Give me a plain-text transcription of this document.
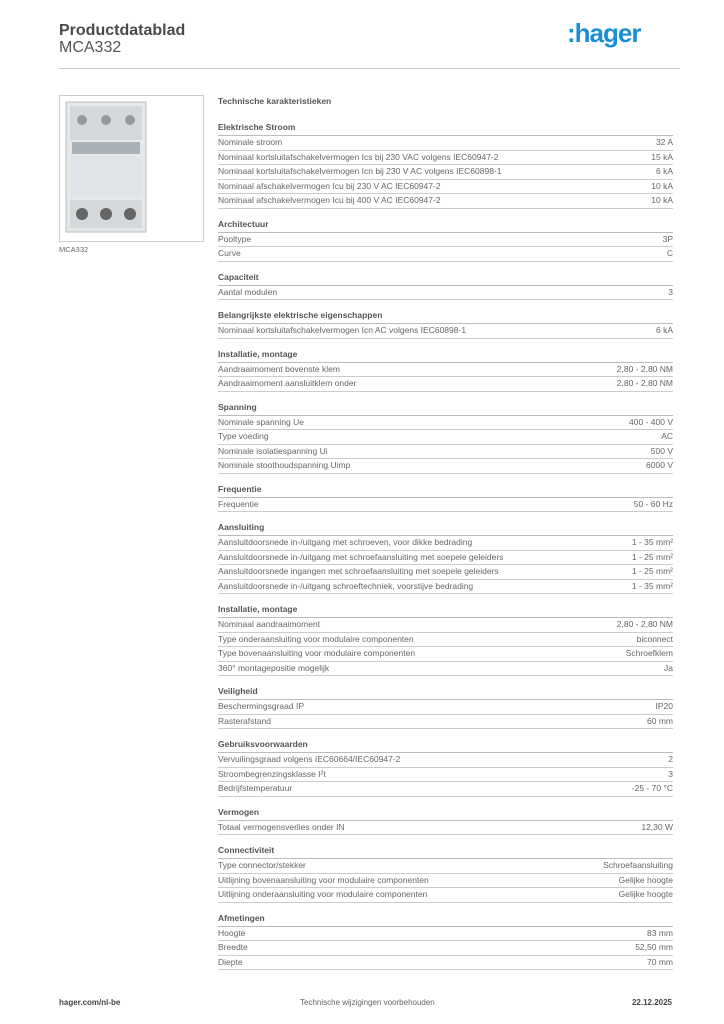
Productdatablad
MCA332	:hager
MCA332
Technische karakteristieken
Elektrische Stroom
Nominale stroom	32 A
Nominaal kortsluitafschakelvermogen Ics bij 230 VAC volgens IEC60947-2	15 kA
Nominaal kortsluitafschakelvermogen Icn bij 230 V AC volgens IEC60898-1	6 kA
Nominaal afschakelvermogen Icu bij 230 V AC IEC60947-2	10 kA
Nominaal afschakelvermogen Icu bij 400 V AC IEC60947-2	10 kA
Architectuur
Pooltype	3P
Curve	C
Capaciteit
Aantal modulen	3
Belangrijkste elektrische eigenschappen
Nominaal kortsluitafschakelvermogen Icn AC volgens IEC60898-1	6 kA
Installatie, montage
Aandraaimoment bovenste klem	2,80 - 2,80 NM
Aandraaimoment aansluitklem onder	2,80 - 2,80 NM
Spanning
Nominale spanning Ue	400 - 400 V
Type voeding	AC
Nominale isolatiespanning Ui	500 V
Nominale stoothoudspanning Uimp	6000 V
Frequentie
Frequentie	50 - 60 Hz
Aansluiting
Aansluitdoorsnede in-/uitgang met schroeven, voor dikke bedrading	1 - 35 mm²
Aansluitdoorsnede in-/uitgang met schroefaansluiting met soepele geleiders	1 - 25 mm²
Aansluitdoorsnede ingangen met schroefaansluiting met soepele geleiders	1 - 25 mm²
Aansluitdoorsnede in-/uitgang schroeftechniek, voorstijve bedrading	1 - 35 mm²
Installatie, montage
Nominaal aandraaimoment	2,80 - 2,80 NM
Type onderaansluiting voor modulaire componenten	biconnect
Type bovenaansluiting voor modulaire componenten	Schroefklem
360° montagepositie mogelijk	Ja
Veiligheid
Beschermingsgraad IP	IP20
Rasterafstand	60 mm
Gebruiksvoorwaarden
Vervuilingsgraad volgens IEC60664/IEC60947-2	2
Stroombegrenzingsklasse I²t	3
Bedrijfstemperatuur	-25 - 70 °C
Vermogen
Totaal vermogensverlies onder IN	12,30 W
Connectiviteit
Type connector/stekker	Schroefaansluiting
Uitlijning bovenaansluiting voor modulaire componenten	Gelijke hoogte
Uitlijning onderaansluiting voor modulaire componenten	Gelijke hoogte
Afmetingen
Hoogte	83 mm
Breedte	52,50 mm
Diepte	70 mm
hager.com/nl-be	Technische wijzigingen voorbehouden	22.12.2025
